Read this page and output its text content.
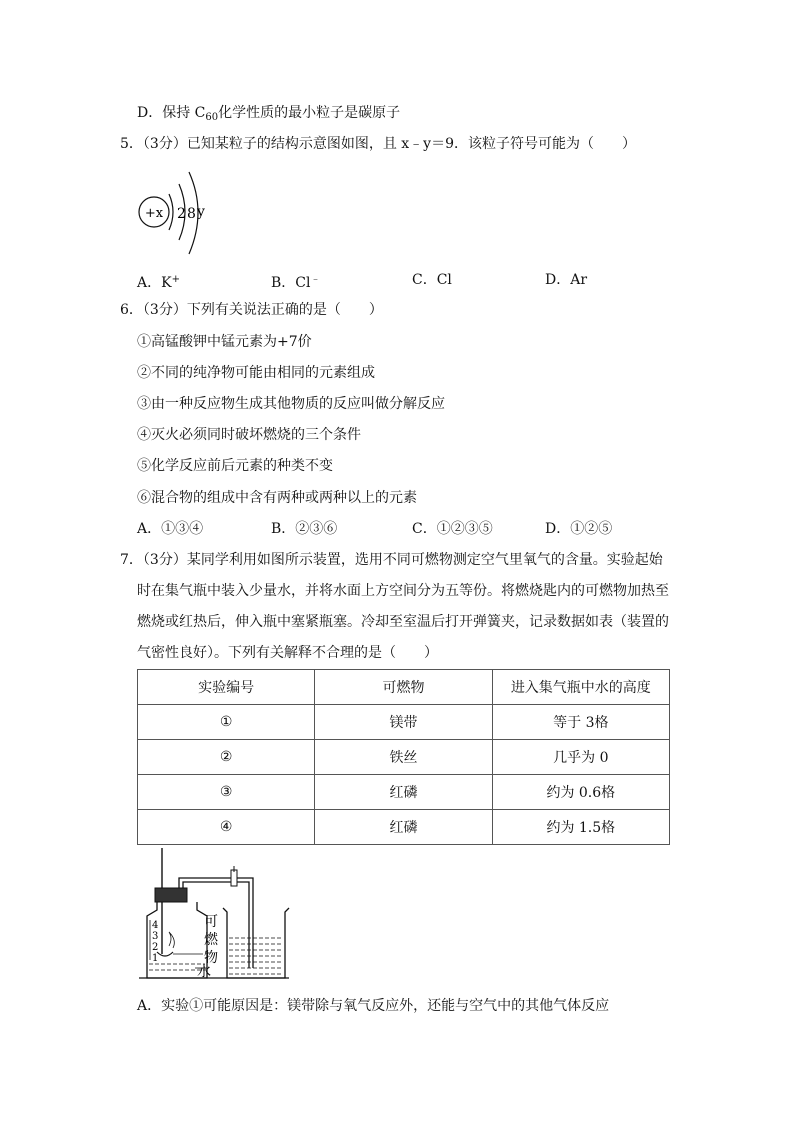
D．保持 $C_{60}$化学性质的最小粒子是碳原子
5．（3分）已知某粒子的结构示意图如图，且 x﹣y＝9．该粒子符号可能为（　　）
+x 2 8 y
A．K+	B．Cl﹣	C．Cl	D．Ar
6．（3分）下列有关说法正确的是（　　）
①高锰酸钾中锰元素为+7价
②不同的纯净物可能由相同的元素组成
③由一种反应物生成其他物质的反应叫做分解反应
④灭火必须同时破坏燃烧的三个条件
⑤化学反应前后元素的种类不变
⑥混合物的组成中含有两种或两种以上的元素
A．①③④	B．②③⑥	C．①②③⑤	D．①②⑤
7．（3分）某同学利用如图所示装置，选用不同可燃物测定空气里氧气的含量。实验起始
时在集气瓶中装入少量水，并将水面上方空间分为五等份。将燃烧匙内的可燃物加热至
燃烧或红热后，伸入瓶中塞紧瓶塞。冷却至室温后打开弹簧夹，记录数据如表（装置的
气密性良好）。下列有关解释不合理的是（　　）
实验编号	可燃物	进入集气瓶中水的高度
①	镁带	等于 3格
②	铁丝	几乎为 0
③	红磷	约为 0.6格
④	红磷	约为 1.5格
4
3
2
1
可
燃
物
水
A．实验①可能原因是：镁带除与氧气反应外，还能与空气中的其他气体反应
